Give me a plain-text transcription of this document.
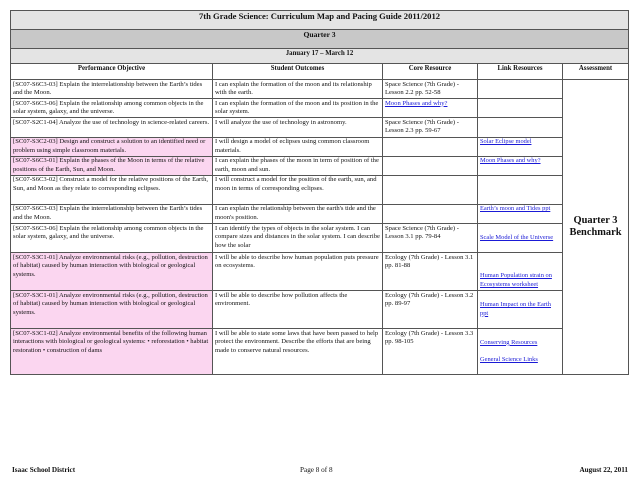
7th Grade Science: Curriculum Map and Pacing Guide 2011/2012				
Quarter 3				
January 17 – March 12				
Performance Objective	Student Outcomes	Core Resource	Link Resources	Assessment
[SC07-S6C3-03] Explain the interrelationship between the Earth’s tides and the Moon.	I can explain the formation of the moon and its relationship with the earth.	Space Science (7th Grade) - Lesson 2.2 pp. 52-58		Quarter 3 Benchmark
[SC07-S6C3-06] Explain the relationship among common objects in the solar system, galaxy, and the universe.	I can explain the formation of the moon and its position in the solar system.	Moon Phases and why?		
[SC07-S2C1-04] Analyze the use of technology in science-related careers.	I will analyze the use of technology in astronomy.	Space Science (7th Grade) - Lesson 2.3 pp. 59-67		
[SC07-S3C2-03] Design and construct a solution to an identified need or problem using simple classroom materials.	I will design a model of eclipses using common classroom materials.		Solar Eclipse model	
[SC07-S6C3-01] Explain the phases of the Moon in terms of the relative positions of the Earth, Sun, and Moon.	I can explain the phases of the moon in term of position of the earth, moon and sun.		Moon Phases and why?	
[SC07-S6C3-02] Construct a model for the relative positions of the Earth, Sun, and Moon as they relate to corresponding eclipses.	I will construct a model for the position of the earth, sun, and moon in terms of corresponding eclipses.			
[SC07-S6C3-03] Explain the interrelationship between the Earth’s tides and the Moon.	I can explain the relationship between the earth's tide and the moon's position.		Earth’s moon and Tides ppt	
[SC07-S6C3-06] Explain the relationship among common objects in the solar system, galaxy, and the universe.	I can identify the types of objects in the solar system. I can compare sizes and distances in the solar system. I can describe how the solar	Space Science (7th Grade) - Lesson 3.1 pp. 79-84	Scale Model of the Universe	
[SC07-S3C1-01] Analyze environmental risks (e.g., pollution, destruction of habitat) caused by human interaction with biological or geological systems.	I will be able to describe how human population puts pressure on ecosystems.	Ecology (7th Grade) - Lesson 3.1 pp. 81-88	Human Population strain on Ecosystems worksheet	
[SC07-S3C1-01] Analyze environmental risks (e.g., pollution, destruction of habitat) caused by human interaction with biological or geological systems.	I will be able to describe how pollution affects the environment.	Ecology (7th Grade) - Lesson 3.2 pp. 89-97	Human Impact on the Earth ppt	
[SC07-S3C1-02] Analyze environmental benefits of the following human interactions with biological or geological systems: • reforestation • habitat restoration • construction of dams	I will be able to state some laws that have been passed to help protect the environment. Describe the efforts that are being made to conserve natural resources.	Ecology (7th Grade) - Lesson 3.3 pp. 98-105	Conserving Resources

General Science Links	
Isaac School District	Page 8 of 8	August 22, 2011
